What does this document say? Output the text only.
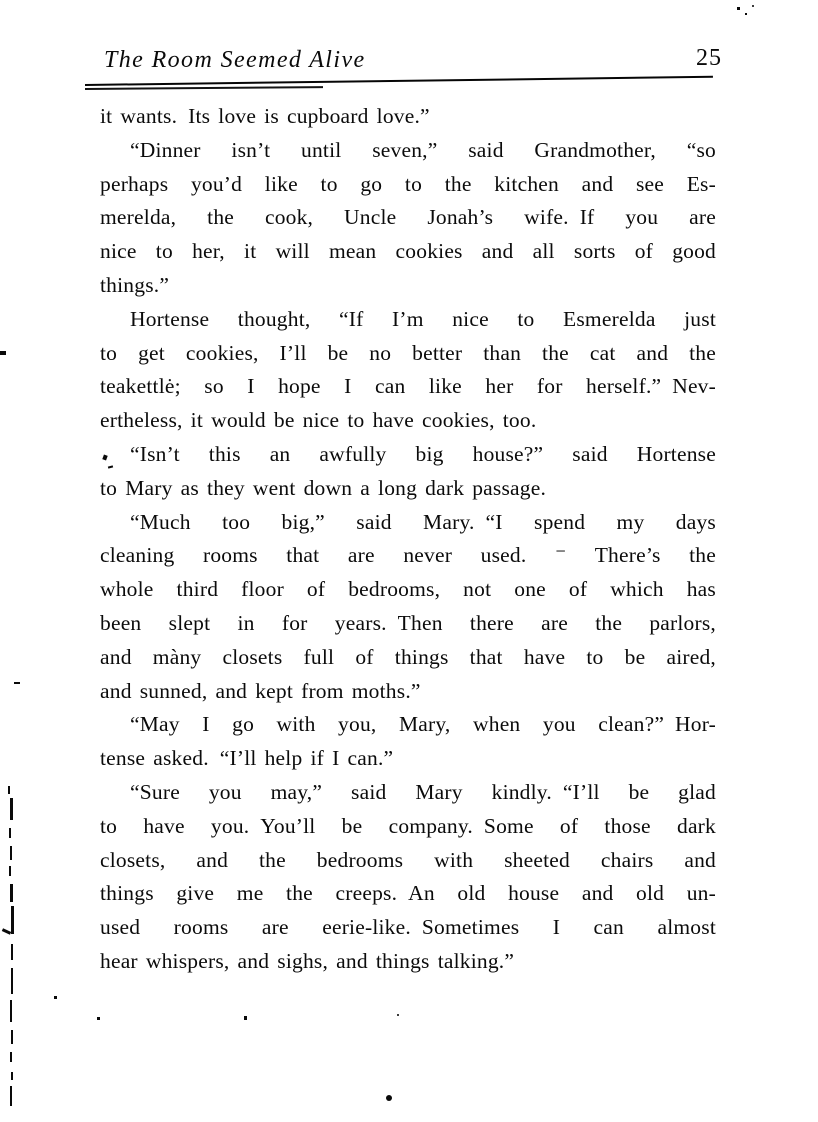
The Room Seemed Alive	25
it wants. Its love is cupboard love.”
“Dinner isn’t until seven,” said Grandmother, “so
perhaps you’d like to go to the kitchen and see Es-
merelda, the cook, Uncle Jonah’s wife. If you are
nice to her, it will mean cookies and all sorts of good
things.”
Hortense thought, “If I’m nice to Esmerelda just
to get cookies, I’ll be no better than the cat and the
teakettlė; so I hope I can like her for herself.” Nev-
ertheless, it would be nice to have cookies, too.
“Isn’t this an awfully big house?” said Hortense
to Mary as they went down a long dark passage.
“Much too big,” said Mary. “I spend my days
cleaning rooms that are never used. ⁻ There’s the
whole third floor of bedrooms, not one of which has
been slept in for years. Then there are the parlors,
and màny closets full of things that have to be aired,
and sunned, and kept from moths.”
“May I go with you, Mary, when you clean?” Hor-
tense asked. “I’ll help if I can.”
“Sure you may,” said Mary kindly. “I’ll be glad
to have you. You’ll be company. Some of those dark
closets, and the bedrooms with sheeted chairs and
things give me the creeps. An old house and old un-
used rooms are eerie-like. Sometimes I can almost
hear whispers, and sighs, and things talking.”
